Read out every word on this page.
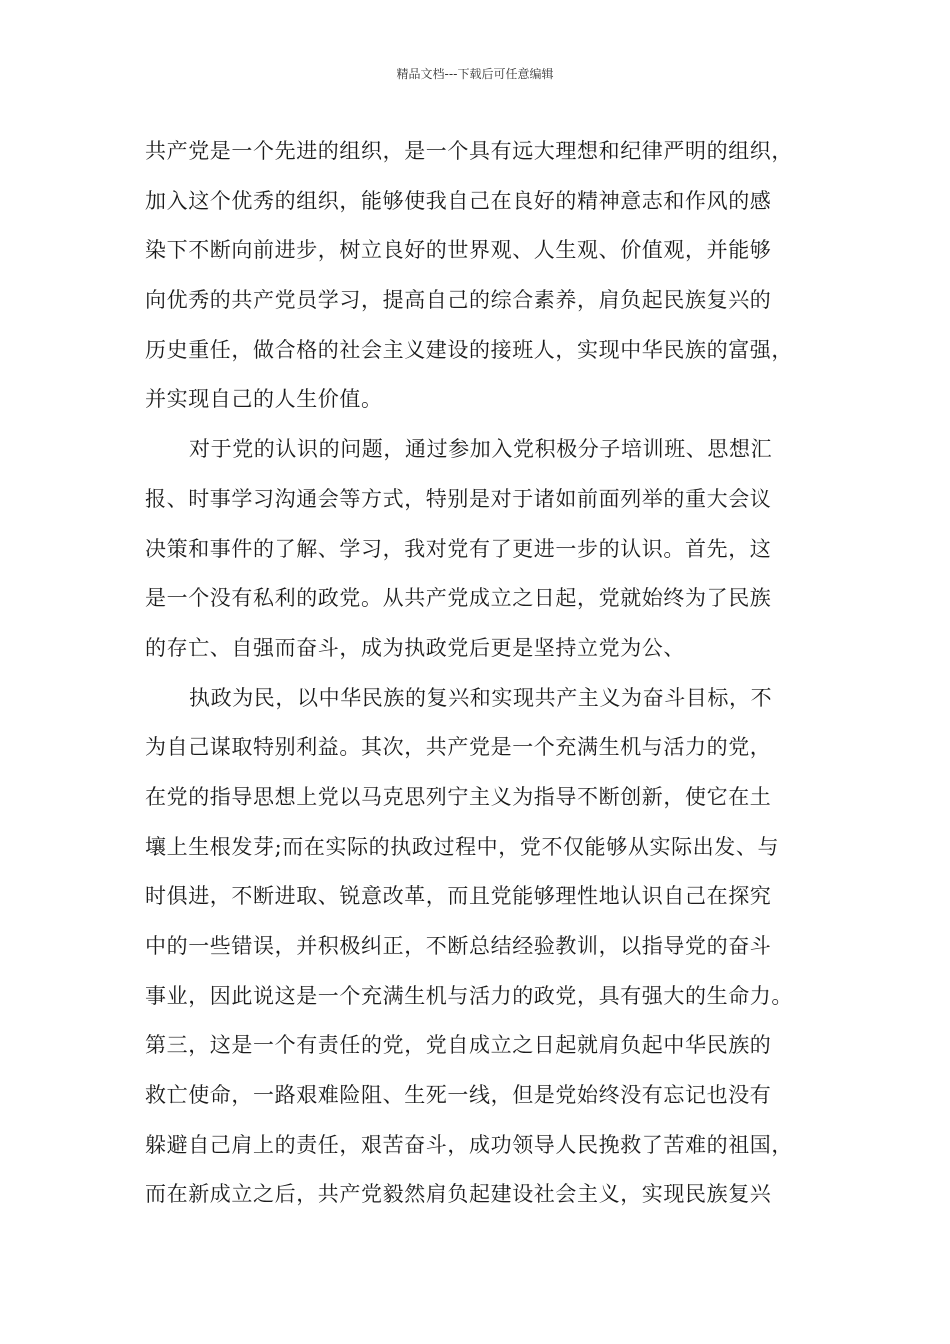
精品文档---下载后可任意编辑
共产党是一个先进的组织，是一个具有远大理想和纪律严明的组织，
加入这个优秀的组织，能够使我自己在良好的精神意志和作风的感
染下不断向前进步，树立良好的世界观、人生观、价值观，并能够
向优秀的共产党员学习，提高自己的综合素养，肩负起民族复兴的
历史重任，做合格的社会主义建设的接班人，实现中华民族的富强，
并实现自己的人生价值。
对于党的认识的问题，通过参加入党积极分子培训班、思想汇
报、时事学习沟通会等方式，特别是对于诸如前面列举的重大会议
决策和事件的了解、学习，我对党有了更进一步的认识。首先，这
是一个没有私利的政党。从共产党成立之日起，党就始终为了民族
的存亡、自强而奋斗，成为执政党后更是坚持立党为公、
执政为民，以中华民族的复兴和实现共产主义为奋斗目标，不
为自己谋取特别利益。其次，共产党是一个充满生机与活力的党，
在党的指导思想上党以马克思列宁主义为指导不断创新，使它在土
壤上生根发芽;而在实际的执政过程中，党不仅能够从实际出发、与
时俱进，不断进取、锐意改革，而且党能够理性地认识自己在探究
中的一些错误，并积极纠正，不断总结经验教训，以指导党的奋斗
事业，因此说这是一个充满生机与活力的政党，具有强大的生命力。
第三，这是一个有责任的党，党自成立之日起就肩负起中华民族的
救亡使命，一路艰难险阻、生死一线，但是党始终没有忘记也没有
躲避自己肩上的责任，艰苦奋斗，成功领导人民挽救了苦难的祖国，
而在新成立之后，共产党毅然肩负起建设社会主义，实现民族复兴
